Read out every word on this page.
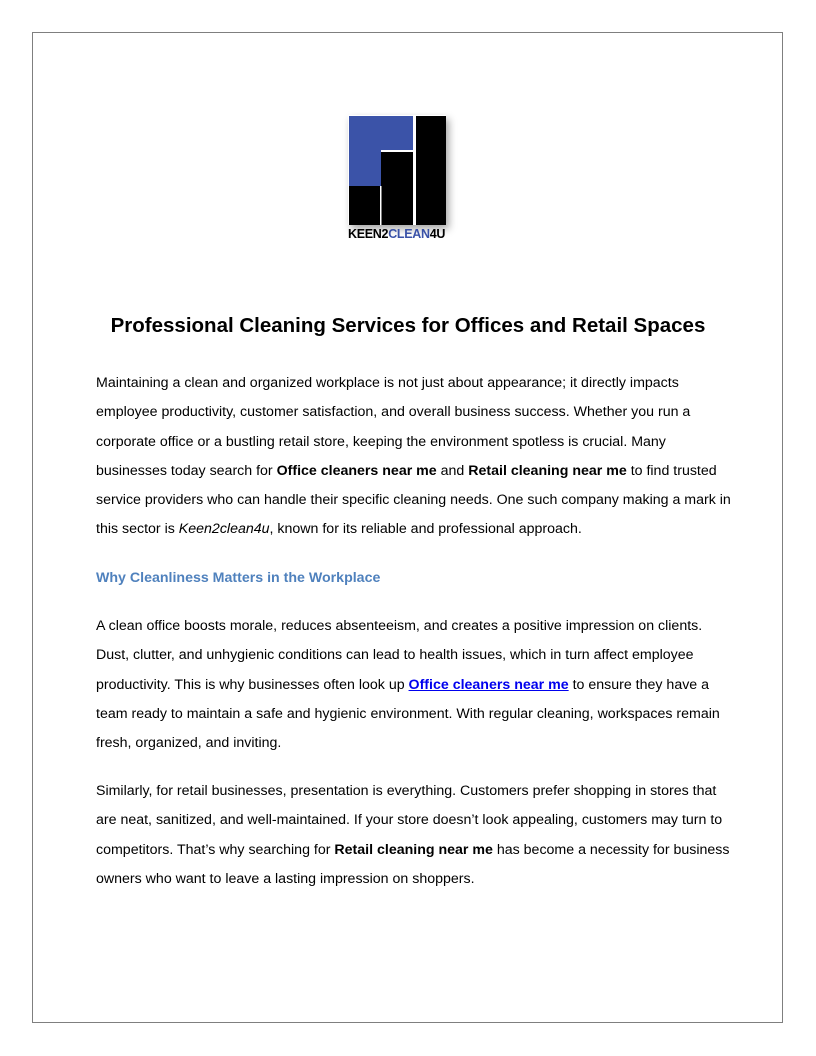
KEEN2CLEAN4U
Professional Cleaning Services for Offices and Retail Spaces

Maintaining a clean and organized workplace is not just about appearance; it directly impacts employee productivity, customer satisfaction, and overall business success. Whether you run a corporate office or a bustling retail store, keeping the environment spotless is crucial. Many businesses today search for Office cleaners near me and Retail cleaning near me to find trusted service providers who can handle their specific cleaning needs. One such company making a mark in this sector is Keen2clean4u, known for its reliable and professional approach.

Why Cleanliness Matters in the Workplace

A clean office boosts morale, reduces absenteeism, and creates a positive impression on clients. Dust, clutter, and unhygienic conditions can lead to health issues, which in turn affect employee productivity. This is why businesses often look up Office cleaners near me to ensure they have a team ready to maintain a safe and hygienic environment. With regular cleaning, workspaces remain fresh, organized, and inviting.

Similarly, for retail businesses, presentation is everything. Customers prefer shopping in stores that are neat, sanitized, and well-maintained. If your store doesn’t look appealing, customers may turn to competitors. That’s why searching for Retail cleaning near me has become a necessity for business owners who want to leave a lasting impression on shoppers.
